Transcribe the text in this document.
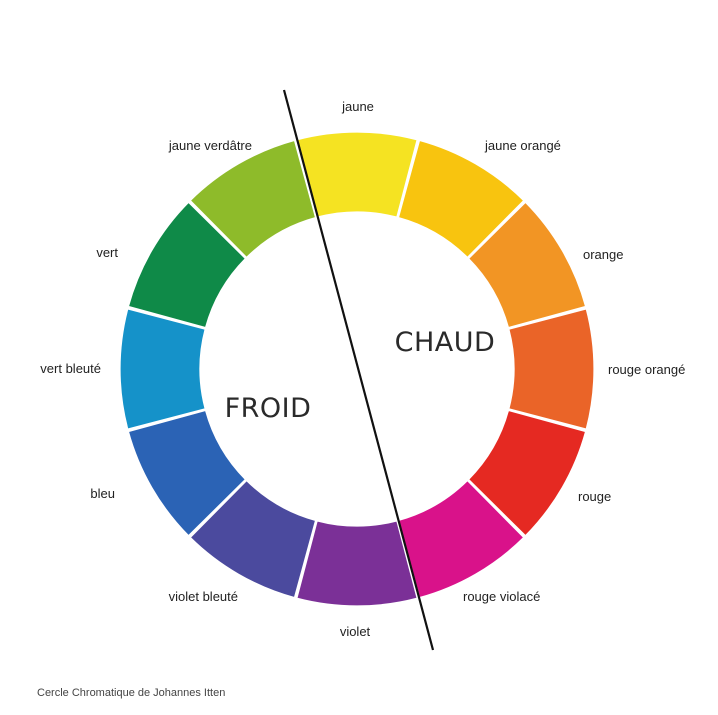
jaune
jaune orangé
orange
rouge orangé
rouge
rouge violacé
violet
violet bleuté
bleu
vert bleuté
vert
jaune verdâtre
CHAUD
FROID
Cercle Chromatique de Johannes Itten
